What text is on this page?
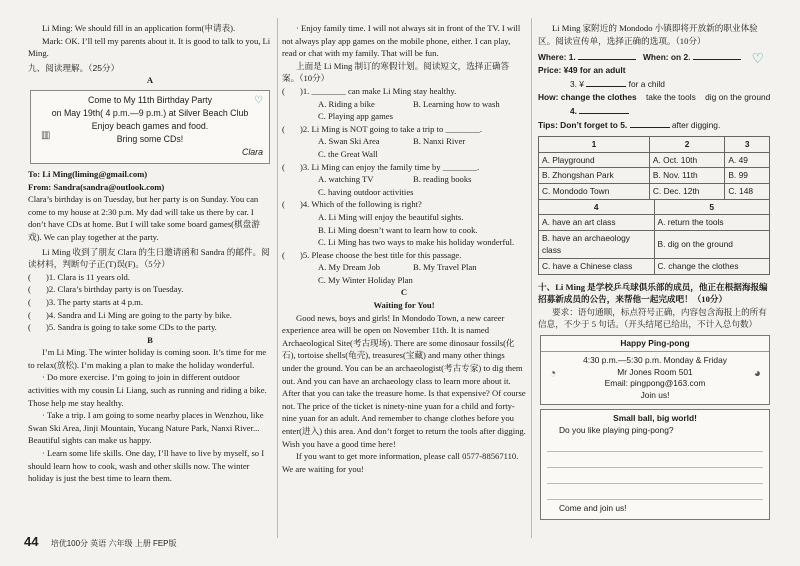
Li Ming: We should fill in an application form(申请表).

Mark: OK. I’ll tell my parents about it. It is good to talk to you, Li Ming.

九、阅读理解。（25分）

A

♡
▥

Come to My 11th Birthday Party

on May 19th( 4 p.m.—9 p.m.) at Silver Beach Club

Enjoy beach games and food.

Bring some CDs!

Clara

To: Li Ming(liming@gmail.com)

From: Sandra(sandra@outlook.com)

Clara’s birthday is on Tuesday, but her party is on Sunday. You can come to my house at 2:30 p.m. My dad will take us there by car. I don’t have CDs at home. But I will take some board games(棋盘游戏). We can play together at the party.

Li Ming 收到了朋友 Clara 的生日邀请函和 Sandra 的邮件。阅读材料，判断句子正(T)误(F)。（5分）

(	)1. Clara is 11 years old.
(	)2. Clara’s birthday party is on Tuesday.
(	)3. The party starts at 4 p.m.
(	)4. Sandra and Li Ming are going to the party by bike.
(	)5. Sandra is going to take some CDs to the party.

B

I’m Li Ming. The winter holiday is coming soon. It’s time for me to relax(放松). I’m making a plan to make the holiday wonderful.

· Do more exercise. I’m going to join in different outdoor activities with my cousin Li Liang, such as running and riding a bike. Those help me stay healthy.

· Take a trip. I am going to some nearby places in Wenzhou, like Swan Ski Area, Jinji Mountain, Yucang Nature Park, Nanxi River... Beautiful sights can make us happy.

· Learn some life skills. One day, I’ll have to live by myself, so I should learn how to cook, wash and other skills now. The winter holiday is just the best time to learn them.

· Enjoy family time. I will not always sit in front of the TV. I will not always play app games on the mobile phone, either. I can play, read or chat with my family. That will be fun.

上面是 Li Ming 制订的寒假计划。阅读短文，选择正确答案。（10分）

(	)1. ________ can make Li Ming stay healthy.
A. Riding a bike	B. Learning how to wash
C. Playing app games
(	)2. Li Ming is NOT going to take a trip to ________.
A. Swan Ski Area	B. Nanxi River
C. the Great Wall
(	)3. Li Ming can enjoy the family time by ________.
A. watching TV	B. reading books
C. having outdoor activities
(	)4. Which of the following is right?
A. Li Ming will enjoy the beautiful sights.
B. Li Ming doesn’t want to learn how to cook.
C. Li Ming has two ways to make his holiday wonderful.
(	)5. Please choose the best title for this passage.
A. My Dream Job	B. My Travel Plan
C. My Winter Holiday Plan

C

Waiting for You!

Good news, boys and girls! In Mondodo Town, a new career experience area will be open on November 11th. It is named Archaeological Site(考古现场). There are some dinosaur fossils(化石), tortoise shells(龟壳), treasures(宝藏) and many other things under the ground. You can be an archaeologist(考古专家) to dig them out. And you can have an archaeology class to learn more about it. After that you can take the treasure home. Is that expensive? Of course not. The price of the ticket is ninety-nine yuan for a child and forty-nine yuan for an adult. And remember to change clothes before you enter(进入) this area. And don’t forget to return the tools after digging. Wish you have a good time here!

If you want to get more information, please call 0577-88567110. We are waiting for you!

Li Ming 家附近的 Mondodo 小镇即将开放新的职业体验区。阅读宣传单，选择正确的选项。（10分）

♡

Where: 1.	When: on 2.

Price: ¥49 for an adult

3. ¥	for a child

How: change the clothes take the tools dig on the ground

4.

Tips: Don’t forget to 5.	after digging.

1	2	3
A. Playground	A. Oct. 10th	A. 49
B. Zhongshan Park	B. Nov. 11th	B. 99
C. Mondodo Town	C. Dec. 12th	C. 148
4	5
A. have an art class	A. return the tools
B. have an archaeology class	B. dig on the ground
C. have a Chinese class	C. change the clothes

十、Li Ming 是学校乒乓球俱乐部的成员，他正在根据海报编招募新成员的公告，来帮他一起完成吧！（10分）

要求：语句通顺，标点符号正确，内容包含海报上的所有信息，不少于 5 句话。（开头结尾已给出，不计入总句数）

Happy Ping-pong
◔	◕

4:30 p.m.—5:30 p.m. Monday & Friday

Mr Jones Room 501

Email: pingpong@163.com

Join us!

Small ball, big world!

Do you like playing ping-pong?

Come and join us!

44 培优100分 英语 六年级 上册 FEP版
